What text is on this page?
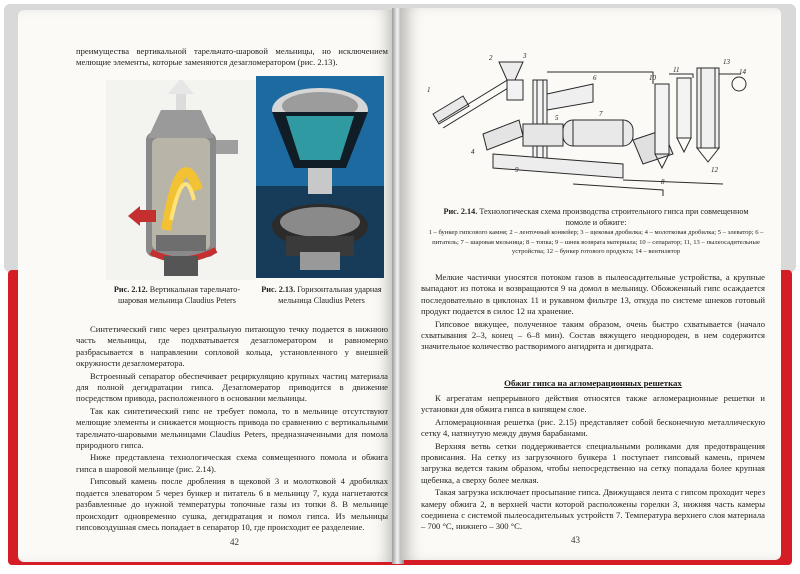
преимущества вертикальной тарельчато-шаровой мельницы, но исключением мелющие элементы, которые заменяются дезагломератором (рис. 2.13).

Рис. 2.12. Вертикальная тарельчато-шаровая мельница Claudius Peters
Рис. 2.13. Горизонтальная ударная мельница Claudius Peters

Синтетический гипс через центральную питающую течку подается в нижнюю часть мельницы, где подхватывается дезагломератором и равномерно разбрасывается в направлении сопловой кольца, установленного у внешней окружности дезагломератора.

Встроенный сепаратор обеспечивает рециркуляцию крупных частиц материала для полной дегидратации гипса. Дезагломератор приводится в движение посредством привода, расположенного в основании мельницы.

Так как синтетический гипс не требует помола, то в мельнице отсутствуют мелющие элементы и снижается мощность привода по сравнению с вертикальными тарельчато-шаровыми мельницами Claudius Peters, предназначенными для помола природного гипса.

Ниже представлена технологическая схема совмещенного помола и обжига гипса в шаровой мельнице (рис. 2.14).

Гипсовый камень после дробления в щековой 3 и молотковой 4 дробилках подается элеватором 5 через бункер и питатель 6 в мельницу 7, куда нагнетаются разбавленные до нужной температуры топочные газы из топки 8. В мельнице происходит одновременно сушка, дегидратация и помол гипса. Из мельницы гипсовоздушная смесь попадает в сепаратор 10, где происходит ее разделение.

42
1
2	3
4
5
6
7
8
9
10
11
12
13
14
Рис. 2.14. Технологическая схема производства строительного гипса при совмещенном помоле и обжиге:
1 – бункер гипсового камня; 2 – ленточный конвейер; 3 – щековая дробилка; 4 – молотковая дробилка; 5 – элеватор; 6 – питатель; 7 – шаровая мельница; 8 – топка; 9 – шнек возврата материала; 10 – сепаратор; 11, 13 – пылеосадительные устройства; 12 – бункер готового продукта; 14 – вентилятор

Мелкие частички уносятся потоком газов в пылеосадительные устройства, а крупные выпадают из потока и возвращаются 9 на домол в мельницу. Обожженный гипс осаждается последовательно в циклонах 11 и рукавном фильтре 13, откуда по системе шнеков готовый продукт подается в силос 12 на хранение.

Гипсовое вяжущее, полученное таким образом, очень быстро схватывается (начало схватывания 2–3, конец – 6–8 мин). Состав вяжущего неоднороден, в нем содержится значительное количество растворимого ангидрита и дигидрата.

Обжиг гипса на агломерационных решетках

К агрегатам непрерывного действия относятся также агломерационные решетки и установки для обжига гипса в кипящем слое.

Агломерационная решетка (рис. 2.15) представляет собой бесконечную металлическую сетку 4, натянутую между двумя барабанами.

Верхняя ветвь сетки поддерживается специальными роликами для предотвращения провисания. На сетку из загрузочного бункера 1 поступает гипсовый камень, причем загрузка ведется таким образом, чтобы непосредственно на сетку попадала более крупная щебенка, а сверху более мелкая.

Такая загрузка исключает просыпание гипса. Движущаяся лента с гипсом проходит через камеру обжига 2, в верхней части которой расположены горелки 3, нижняя часть камеры соединена с системой пылеосадительных устройств 7. Температура верхнего слоя материала – 700 °С, нижнего – 300 °С.

43
